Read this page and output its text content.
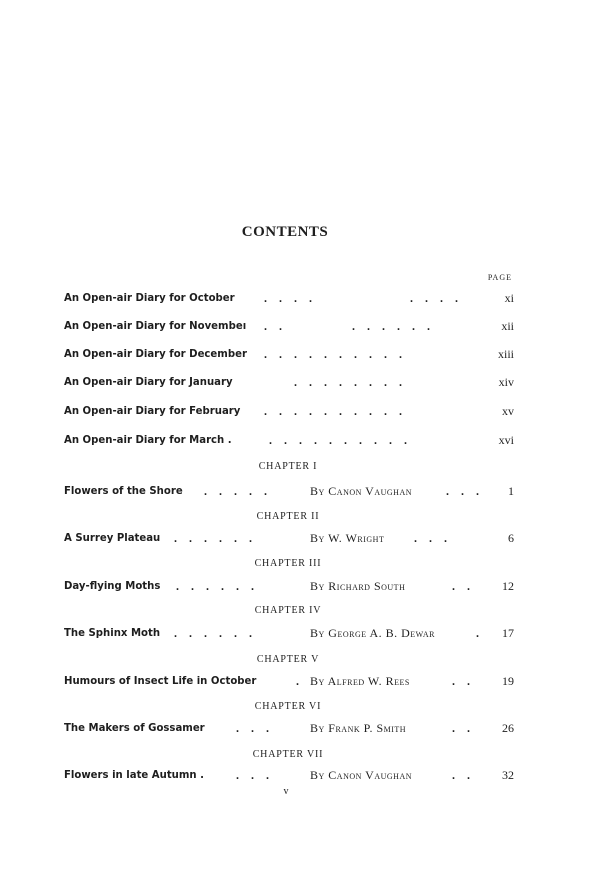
CONTENTS
PAGE
An Open-air Diary for October .    .    .    .	.    .    .    .	xi
An Open-air Diary for Novembeı .    .	.    .    .    .    .    .	xii
An Open-air Diary for December .    .    .    .    .    .    .    .    .    .	xiii
An Open-air Diary for January	.    .    .    .    .    .    .    .	xiv
An Open-air Diary for February .    .    .    .    .    .    .    .    .    .	xv
An Open-air Diary for March .	.    .    .    .    .    .    .    .    .    .	xvi
CHAPTER I
Flowers of the Shore .    .    .    .    .	By Canon Vaughan	.    .    . 1
CHAPTER II
A Surrey Plateau .    .    .    .    .    .	By W. Wright .    .    .	6
CHAPTER III
Day-flying Moths .    .    .    .    .    .	By Richard South	.    .	12
CHAPTER IV
The Sphinx Moth .    .    .    .    .    .	By George A. B. Dewar	. 17
CHAPTER V
Humours of Insect Life in October	. By Alfred W. Rees	.    .	19
CHAPTER VI
The Makers of Gossamer	.    .    .	By Frank P. Smith	.    .	26
CHAPTER VII
Flowers in late Autumn .	.    .    .	By Canon Vaughan	.    .	32
v
